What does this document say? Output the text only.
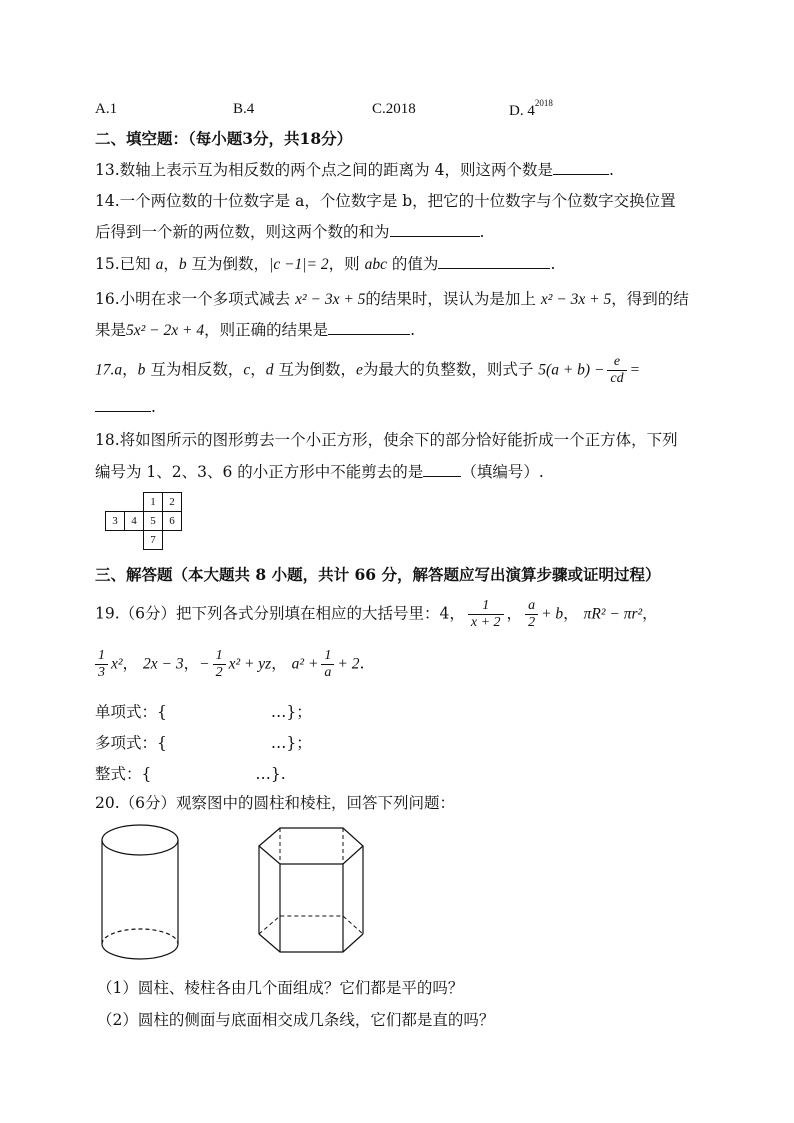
A.1	B.4	C.2018	D. $4^{2018}$
二、填空题：（每小题3分，共18分）
13.数轴上表示互为相反数的两个点之间的距离为 4，则这两个数是	.
14.一个两位数的十位数字是 a，个位数字是 b，把它的十位数字与个位数字交换位置
后得到一个新的两位数，则这两个数的和为	.
15.已知 a，b 互为倒数，|c −1|= 2，则 abc 的值为	.
16.小明在求一个多项式减去 x² − 3x + 5的结果时，误认为是加上 x² − 3x + 5，得到的结
果是5x² − 2x + 4，则正确的结果是	.
17.a，b 互为相反数，c，d 互为倒数，e为最大的负整数，则式子 $5(a + b) - \frac{e}{cd}$ =
.
18.将如图所示的图形剪去一个小正方形，使余下的部分恰好能折成一个正方体，下列
编号为 1、2、3、6 的小正方形中不能剪去的是 （填编号）.
1	2
3	4	5	6
7
三、解答题（本大题共 8 小题，共计 66 分，解答题应写出演算步骤或证明过程）
19.（6分）把下列各式分别填在相应的大括号里：4， $\frac{1}{x + 2}$ ， $\frac{a}{2} + b$， πR² − πr²，
$\frac{1}{3} x^2$， 2x − 3，− $\frac{1}{2} x^2$ + yz， $a^2 + \frac{1}{a} + 2$.
单项式：{	…}；
多项式：{	…}；
整式：{	…}.
20.（6分）观察图中的圆柱和棱柱，回答下列问题：
（1）圆柱、棱柱各由几个面组成？它们都是平的吗？
（2）圆柱的侧面与底面相交成几条线，它们都是直的吗？
